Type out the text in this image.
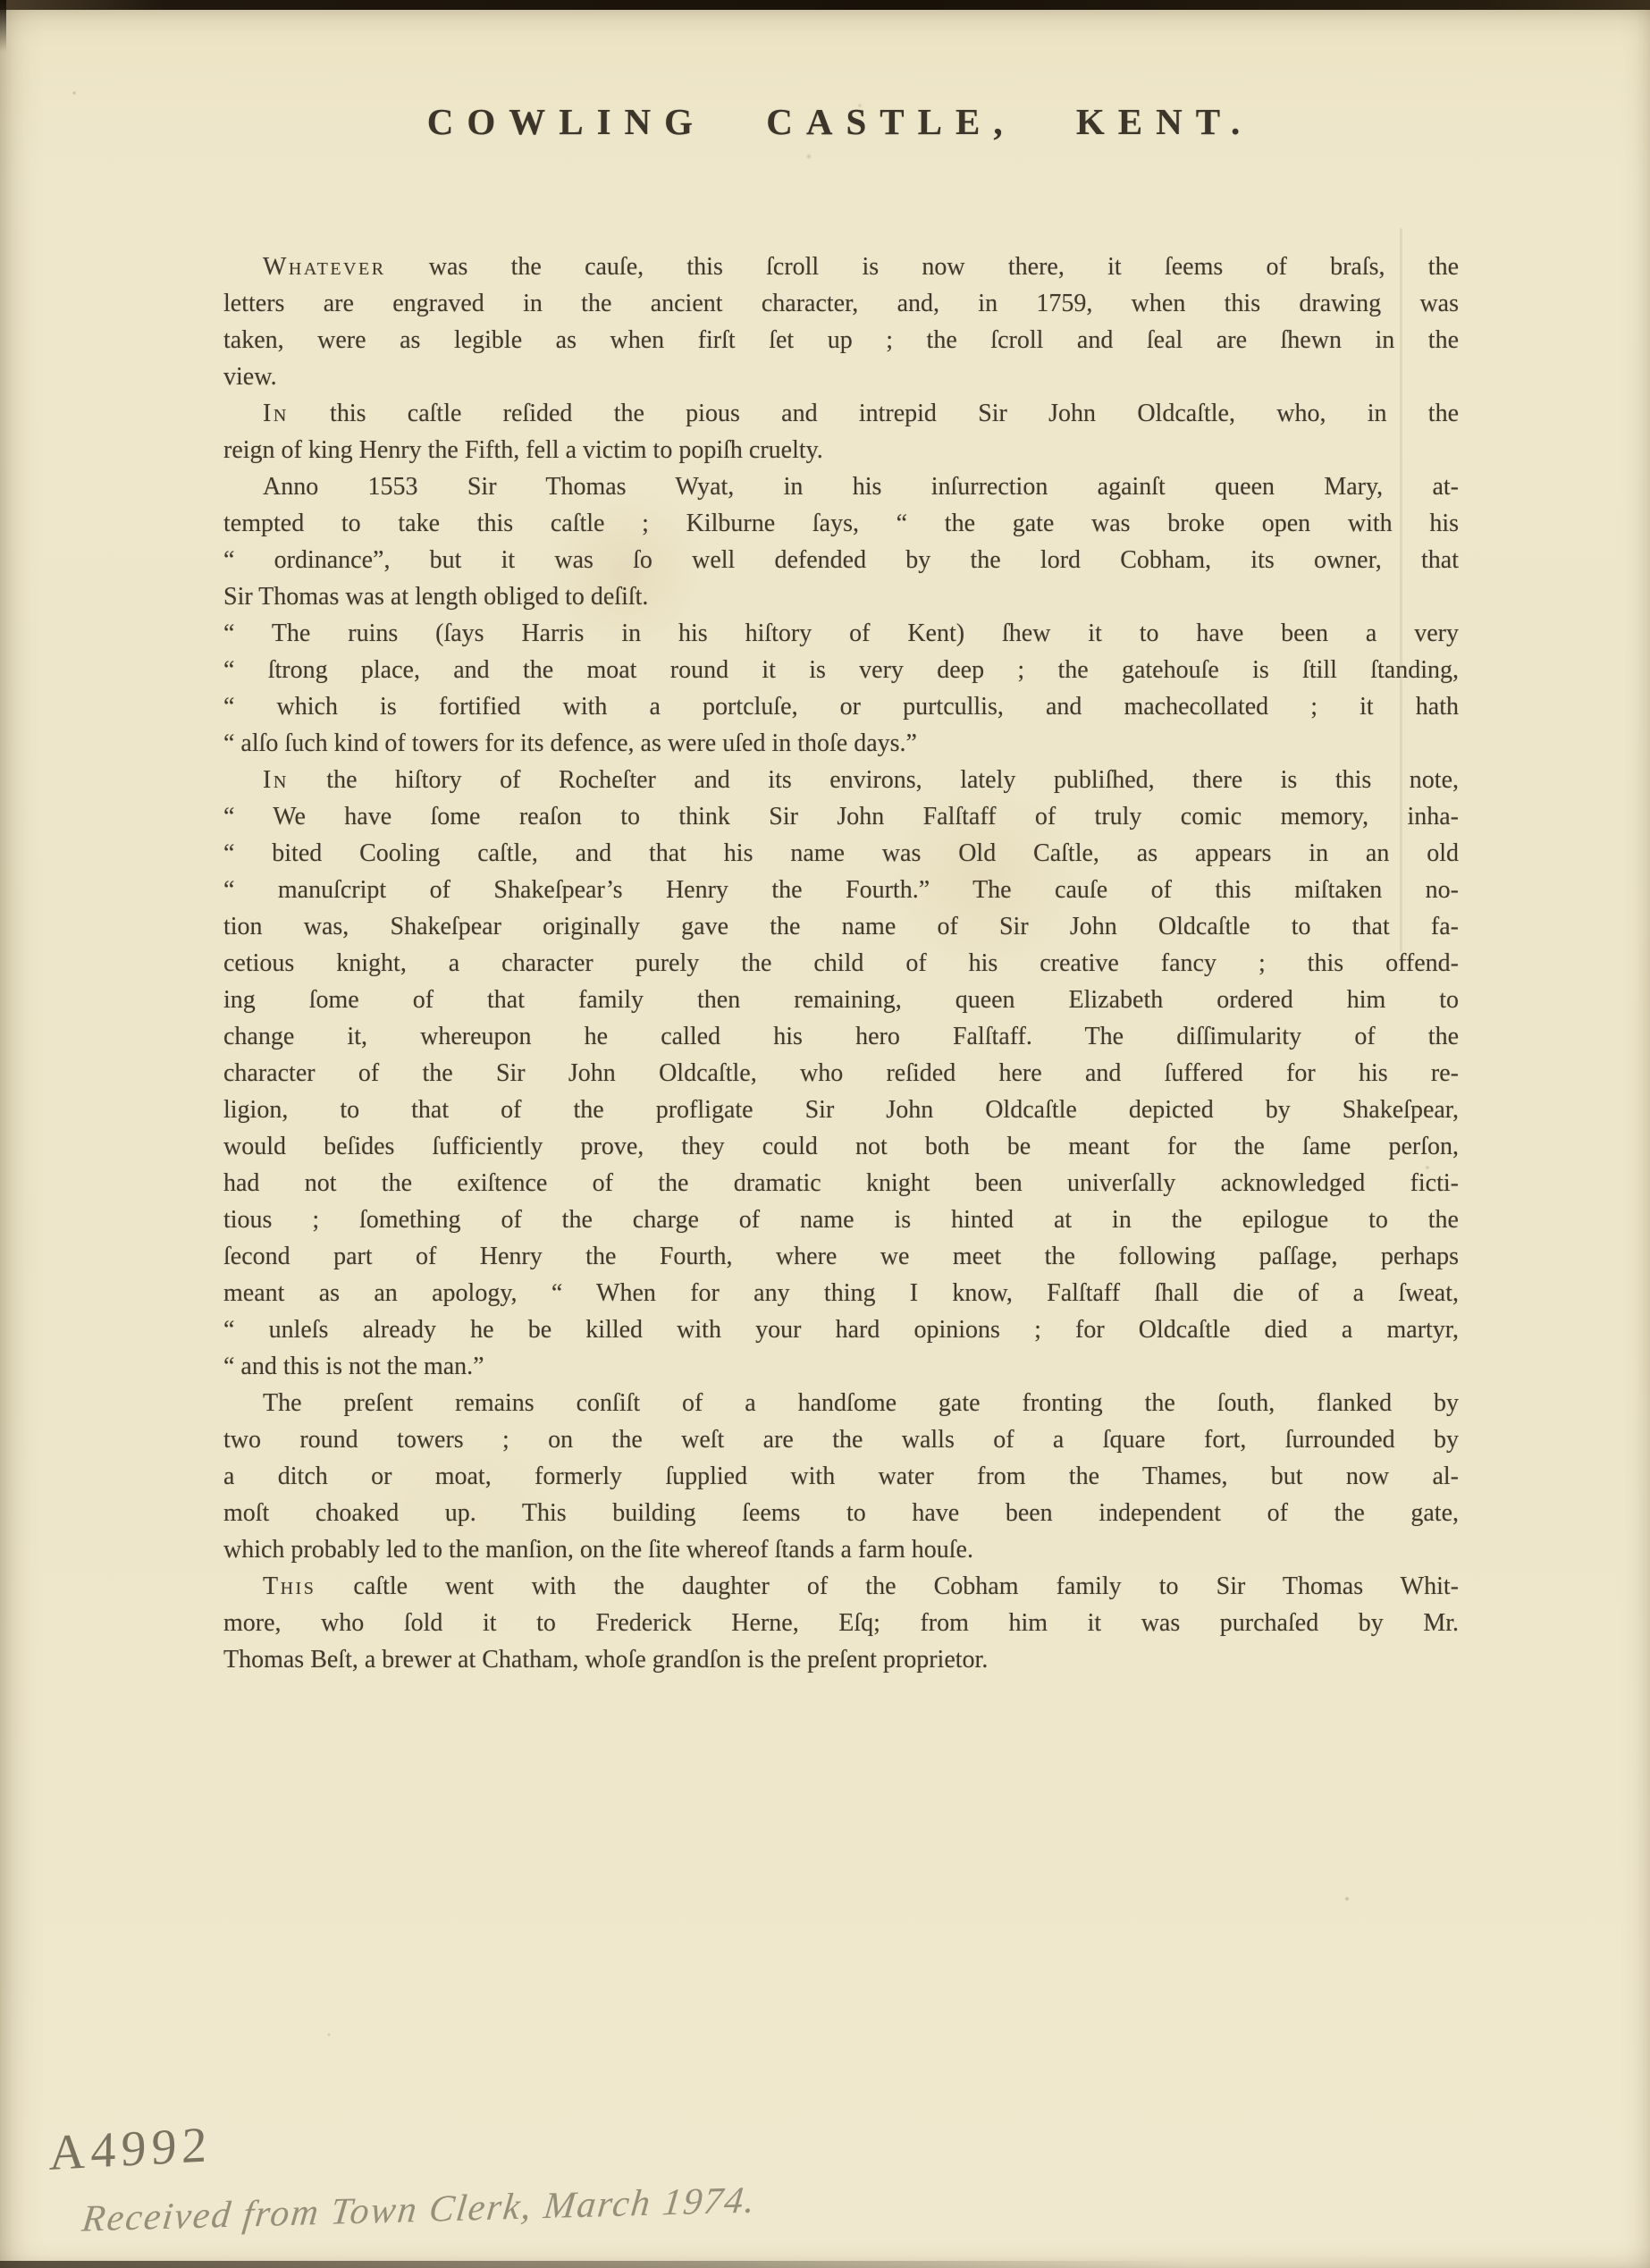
COWLING CASTLE, KENT.
Whatever was the cauſe, this ſcroll is now there, it ſeems of braſs, the
letters are engraved in the ancient character, and, in 1759, when this drawing was
taken, were as legible as when firſt ſet up ; the ſcroll and ſeal are ſhewn in the
view.
In this caſtle reſided the pious and intrepid Sir John Oldcaſtle, who, in the
reign of king Henry the Fifth, fell a victim to popiſh cruelty.
Anno 1553 Sir Thomas Wyat, in his inſurrection againſt queen Mary, at-
tempted to take this caſtle ; Kilburne ſays, “ the gate was broke open with his
“ ordinance”, but it was ſo well defended by the lord Cobham, its owner, that
Sir Thomas was at length obliged to deſiſt.
“ The ruins (ſays Harris in his hiſtory of Kent) ſhew it to have been a very
“ ſtrong place, and the moat round it is very deep ; the gatehouſe is ſtill ſtanding,
“ which is fortified with a portcluſe, or purtcullis, and machecollated ; it hath
“ alſo ſuch kind of towers for its defence, as were uſed in thoſe days.”
In the hiſtory of Rocheſter and its environs, lately publiſhed, there is this note,
“ We have ſome reaſon to think Sir John Falſtaff of truly comic memory, inha-
“ bited Cooling caſtle, and that his name was Old Caſtle, as appears in an old
“ manuſcript of Shakeſpear’s Henry the Fourth.” The cauſe of this miſtaken no-
tion was, Shakeſpear originally gave the name of Sir John Oldcaſtle to that fa-
cetious knight, a character purely the child of his creative fancy ; this offend-
ing ſome of that family then remaining, queen Elizabeth ordered him to
change it, whereupon he called his hero Falſtaff. The diſſimularity of the
character of the Sir John Oldcaſtle, who reſided here and ſuffered for his re-
ligion, to that of the profligate Sir John Oldcaſtle depicted by Shakeſpear,
would beſides ſufficiently prove, they could not both be meant for the ſame perſon,
had not the exiſtence of the dramatic knight been univerſally acknowledged ficti-
tious ; ſomething of the charge of name is hinted at in the epilogue to the
ſecond part of Henry the Fourth, where we meet the following paſſage, perhaps
meant as an apology, “ When for any thing I know, Falſtaff ſhall die of a ſweat,
“ unleſs already he be killed with your hard opinions ; for Oldcaſtle died a martyr,
“ and this is not the man.”
The preſent remains conſiſt of a handſome gate fronting the ſouth, flanked by
two round towers ; on the weſt are the walls of a ſquare fort, ſurrounded by
a ditch or moat, formerly ſupplied with water from the Thames, but now al-
moſt choaked up. This building ſeems to have been independent of the gate,
which probably led to the manſion, on the ſite whereof ſtands a farm houſe.
This caſtle went with the daughter of the Cobham family to Sir Thomas Whit-
more, who ſold it to Frederick Herne, Eſq; from him it was purchaſed by Mr.
Thomas Beſt, a brewer at Chatham, whoſe grandſon is the preſent proprietor.
A4992
Received from Town Clerk, March 1974.
